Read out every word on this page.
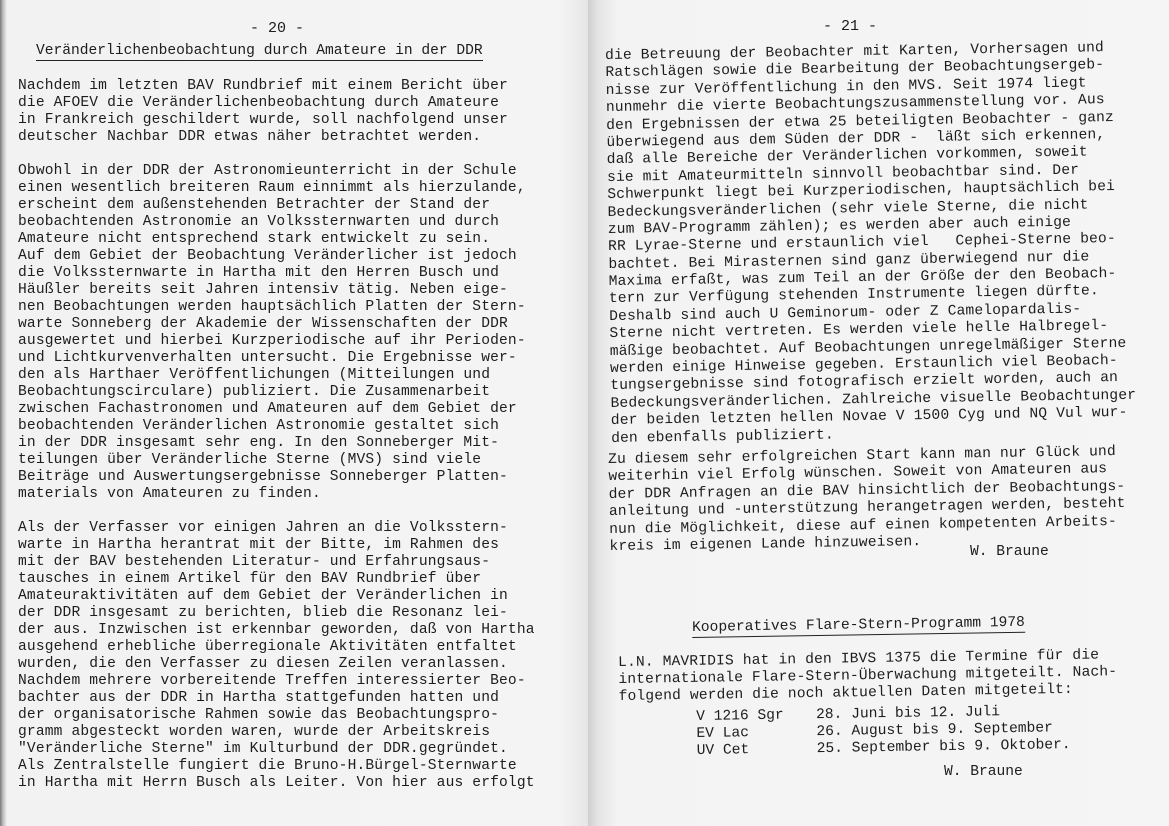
- 20 -
Veränderlichenbeobachtung durch Amateure in der DDR
Nachdem im letzten BAV Rundbrief mit einem Bericht über
die AFOEV die Veränderlichenbeobachtung durch Amateure
in Frankreich geschildert wurde, soll nachfolgend unser
deutscher Nachbar DDR etwas näher betrachtet werden.
Obwohl in der DDR der Astronomieunterricht in der Schule
einen wesentlich breiteren Raum einnimmt als hierzulande,
erscheint dem außenstehenden Betrachter der Stand der
beobachtenden Astronomie an Volkssternwarten und durch
Amateure nicht entsprechend stark entwickelt zu sein.
Auf dem Gebiet der Beobachtung Veränderlicher ist jedoch
die Volkssternwarte in Hartha mit den Herren Busch und
Häußler bereits seit Jahren intensiv tätig. Neben eige-
nen Beobachtungen werden hauptsächlich Platten der Stern-
warte Sonneberg der Akademie der Wissenschaften der DDR
ausgewertet und hierbei Kurzperiodische auf ihr Perioden-
und Lichtkurvenverhalten untersucht. Die Ergebnisse wer-
den als Harthaer Veröffentlichungen (Mitteilungen und
Beobachtungscirculare) publiziert. Die Zusammenarbeit
zwischen Fachastronomen und Amateuren auf dem Gebiet der
beobachtenden Veränderlichen Astronomie gestaltet sich
in der DDR insgesamt sehr eng. In den Sonneberger Mit-
teilungen über Veränderliche Sterne (MVS) sind viele
Beiträge und Auswertungsergebnisse Sonneberger Platten-
materials von Amateuren zu finden.
Als der Verfasser vor einigen Jahren an die Volksstern-
warte in Hartha herantrat mit der Bitte, im Rahmen des
mit der BAV bestehenden Literatur- und Erfahrungsaus-
tausches in einem Artikel für den BAV Rundbrief über
Amateuraktivitäten auf dem Gebiet der Veränderlichen in
der DDR insgesamt zu berichten, blieb die Resonanz lei-
der aus. Inzwischen ist erkennbar geworden, daß von Hartha
ausgehend erhebliche überregionale Aktivitäten entfaltet
wurden, die den Verfasser zu diesen Zeilen veranlassen.
Nachdem mehrere vorbereitende Treffen interessierter Beo-
bachter aus der DDR in Hartha stattgefunden hatten und
der organisatorische Rahmen sowie das Beobachtungspro-
gramm abgesteckt worden waren, wurde der Arbeitskreis
"Veränderliche Sterne" im Kulturbund der DDR.gegründet.
Als Zentralstelle fungiert die Bruno-H.Bürgel-Sternwarte
in Hartha mit Herrn Busch als Leiter. Von hier aus erfolgt
- 21 -
die Betreuung der Beobachter mit Karten, Vorhersagen und
Ratschlägen sowie die Bearbeitung der Beobachtungsergeb-
nisse zur Veröffentlichung in den MVS. Seit 1974 liegt
nunmehr die vierte Beobachtungszusammenstellung vor. Aus
den Ergebnissen der etwa 25 beteiligten Beobachter - ganz
überwiegend aus dem Süden der DDR -  läßt sich erkennen,
daß alle Bereiche der Veränderlichen vorkommen, soweit
sie mit Amateurmitteln sinnvoll beobachtbar sind. Der
Schwerpunkt liegt bei Kurzperiodischen, hauptsächlich bei
Bedeckungsveränderlichen (sehr viele Sterne, die nicht
zum BAV-Programm zählen); es werden aber auch einige
RR Lyrae-Sterne und erstaunlich viel   Cephei-Sterne beo-
bachtet. Bei Mirasternen sind ganz überwiegend nur die
Maxima erfaßt, was zum Teil an der Größe der den Beobach-
tern zur Verfügung stehenden Instrumente liegen dürfte.
Deshalb sind auch U Geminorum- oder Z Camelopardalis-
Sterne nicht vertreten. Es werden viele helle Halbregel-
mäßige beobachtet. Auf Beobachtungen unregelmäßiger Sterne
werden einige Hinweise gegeben. Erstaunlich viel Beobach-
tungsergebnisse sind fotografisch erzielt worden, auch an
Bedeckungsveränderlichen. Zahlreiche visuelle Beobachtunger
der beiden letzten hellen Novae V 1500 Cyg und NQ Vul wur-
den ebenfalls publiziert.
Zu diesem sehr erfolgreichen Start kann man nur Glück und
weiterhin viel Erfolg wünschen. Soweit von Amateuren aus
der DDR Anfragen an die BAV hinsichtlich der Beobachtungs-
anleitung und -unterstützung herangetragen werden, besteht
nun die Möglichkeit, diese auf einen kompetenten Arbeits-
kreis im eigenen Lande hinzuweisen.	W. Braune
Kooperatives Flare-Stern-Programm 1978
L.N. MAVRIDIS hat in den IBVS 1375 die Termine für die
internationale Flare-Stern-Überwachung mitgeteilt. Nach-
folgend werden die noch aktuellen Daten mitgeteilt:
V 1216 Sgr	28. Juni bis 12. Juli
EV Lac	26. August bis 9. September
UV Cet	25. September bis 9. Oktober.
W. Braune
